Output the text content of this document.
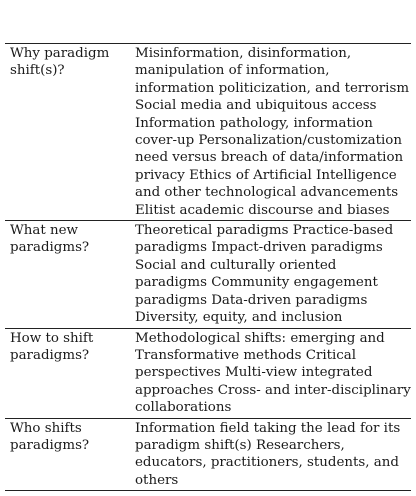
Why paradigm shift(s)?
Misinformation, disinformation, manipulation of information, information politicization, and terrorism Social media and ubiquitous access Information pathology, information cover-up Personalization/customization need versus breach of data/information privacy Ethics of Artificial Intelligence and other technological advancements Elitist academic discourse and biases
What new paradigms?
Theoretical paradigms Practice-based paradigms Impact-driven paradigms Social and culturally oriented paradigms Community engagement paradigms Data-driven paradigms Diversity, equity, and inclusion
How to shift paradigms?
Methodological shifts: emerging and Transformative methods Critical perspectives Multi-view integrated approaches Cross- and inter-disciplinary collaborations
Who shifts paradigms?
Information field taking the lead for its paradigm shift(s) Researchers, educators, practitioners, students, and others
